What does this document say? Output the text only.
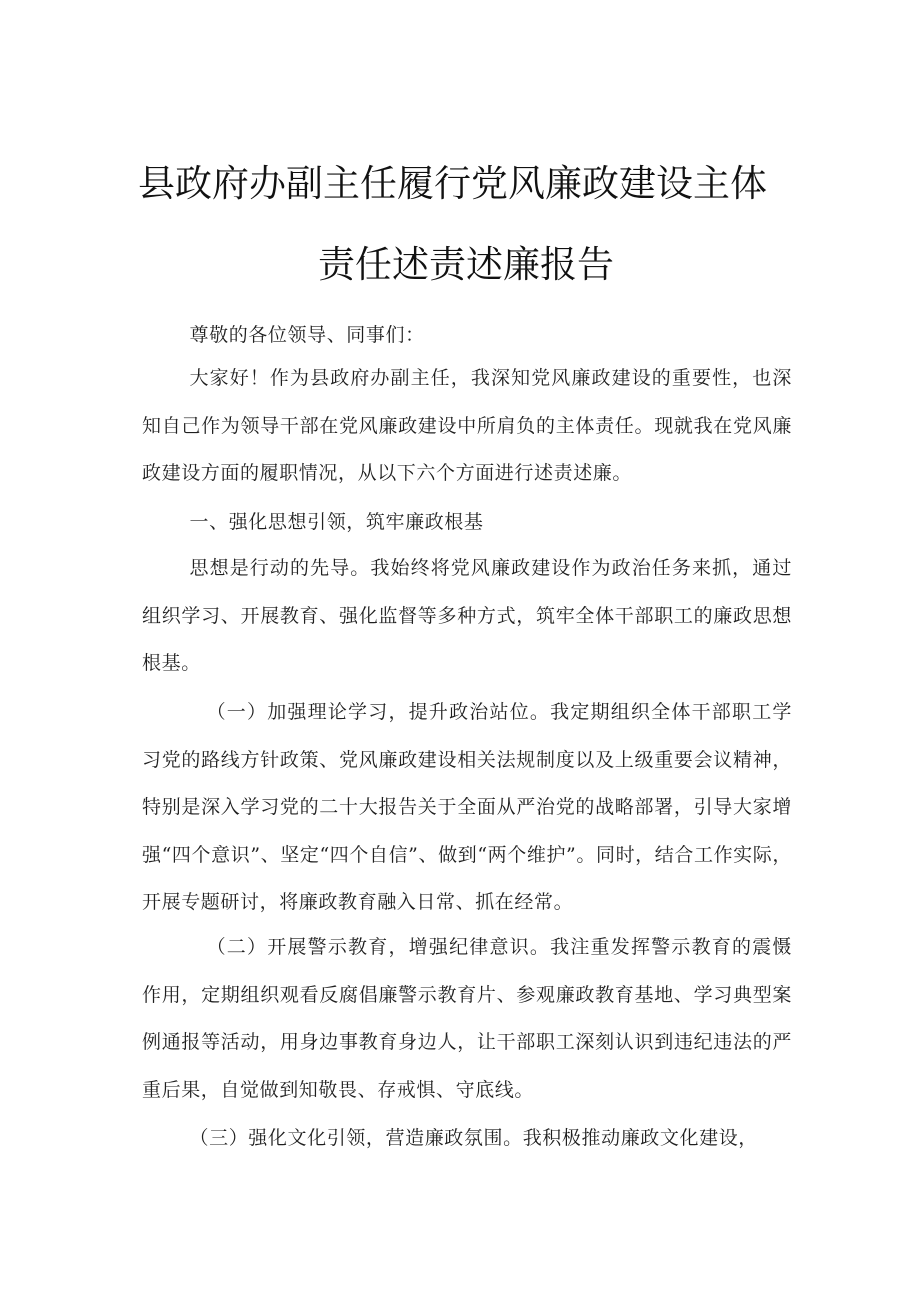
县政府办副主任履行党风廉政建设主体
责任述责述廉报告

尊敬的各位领导、同事们：

大家好！作为县政府办副主任，我深知党风廉政建设的重要性，也深知自己作为领导干部在党风廉政建设中所肩负的主体责任。现就我在党风廉政建设方面的履职情况，从以下六个方面进行述责述廉。

一、强化思想引领，筑牢廉政根基

思想是行动的先导。我始终将党风廉政建设作为政治任务来抓，通过组织学习、开展教育、强化监督等多种方式，筑牢全体干部职工的廉政思想根基。

（一）加强理论学习，提升政治站位。我定期组织全体干部职工学习党的路线方针政策、党风廉政建设相关法规制度以及上级重要会议精神，特别是深入学习党的二十大报告关于全面从严治党的战略部署，引导大家增强“四个意识”、坚定“四个自信”、做到“两个维护”。同时，结合工作实际，开展专题研讨，将廉政教育融入日常、抓在经常。

（二）开展警示教育，增强纪律意识。我注重发挥警示教育的震慑作用，定期组织观看反腐倡廉警示教育片、参观廉政教育基地、学习典型案例通报等活动，用身边事教育身边人，让干部职工深刻认识到违纪违法的严重后果，自觉做到知敬畏、存戒惧、守底线。

（三）强化文化引领，营造廉政氛围。我积极推动廉政文化建设，
